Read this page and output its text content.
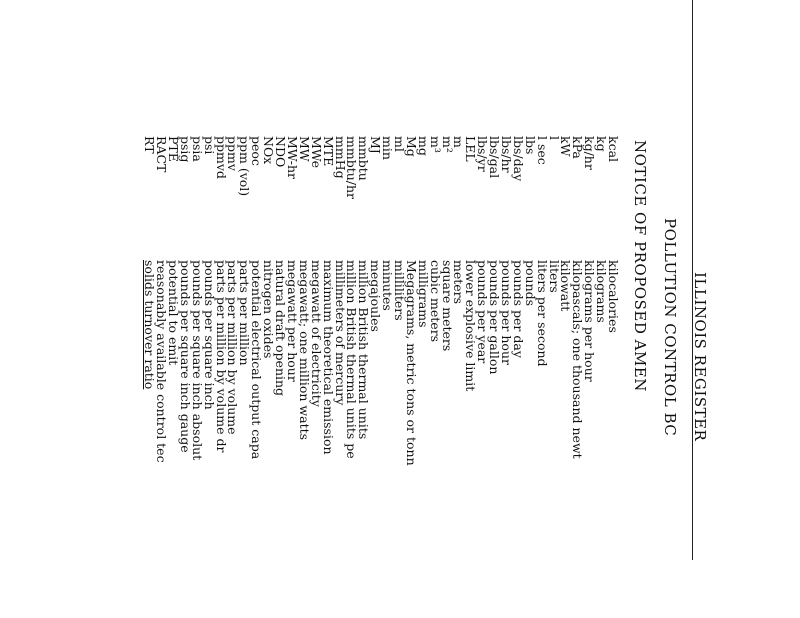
ILLINOIS REGISTER
POLLUTION CONTROL BC
NOTICE OF PROPOSED AMEN
kcal
kg
kg/hr
kPa
kW
l
l sec
lbs
lbs/day
lbs/hr
lbs/gal
lbs/yr
LEL
m
m²
m³
mg
Mg
ml
min
MJ
mmbtu
mmbtu/hr
mmHg
MTE
MWe
MW
MW-hr
NDO
NOx
peoc
ppm (vol)
ppmv
ppmvd
psi
psia
psig
PTE
RACT
RT
kilocalories
kilograms
kilograms per hour
kilopascals; one thousand newt
kilowatt
liters
liters per second
pounds
pounds per day
pounds per hour
pounds per gallon
pounds per year
lower explosive limit
meters
square meters
cubic meters
milligrams
Megagrams, metric tons or tonn
milliliters
minutes
megajoules
million British thermal units
million British thermal units pe
millimeters of mercury
maximum theoretical emission
megawatt of electricity
megawatt; one million watts
megawatt per hour
natural draft opening
nitrogen oxides
potential electrical output capa
parts per million
parts per million by volume
parts per million by volume dr
pounds per square inch
pounds per square inch absolut
pounds per square inch gauge
potential to emit
reasonably available control tec
solids turnover ratio
